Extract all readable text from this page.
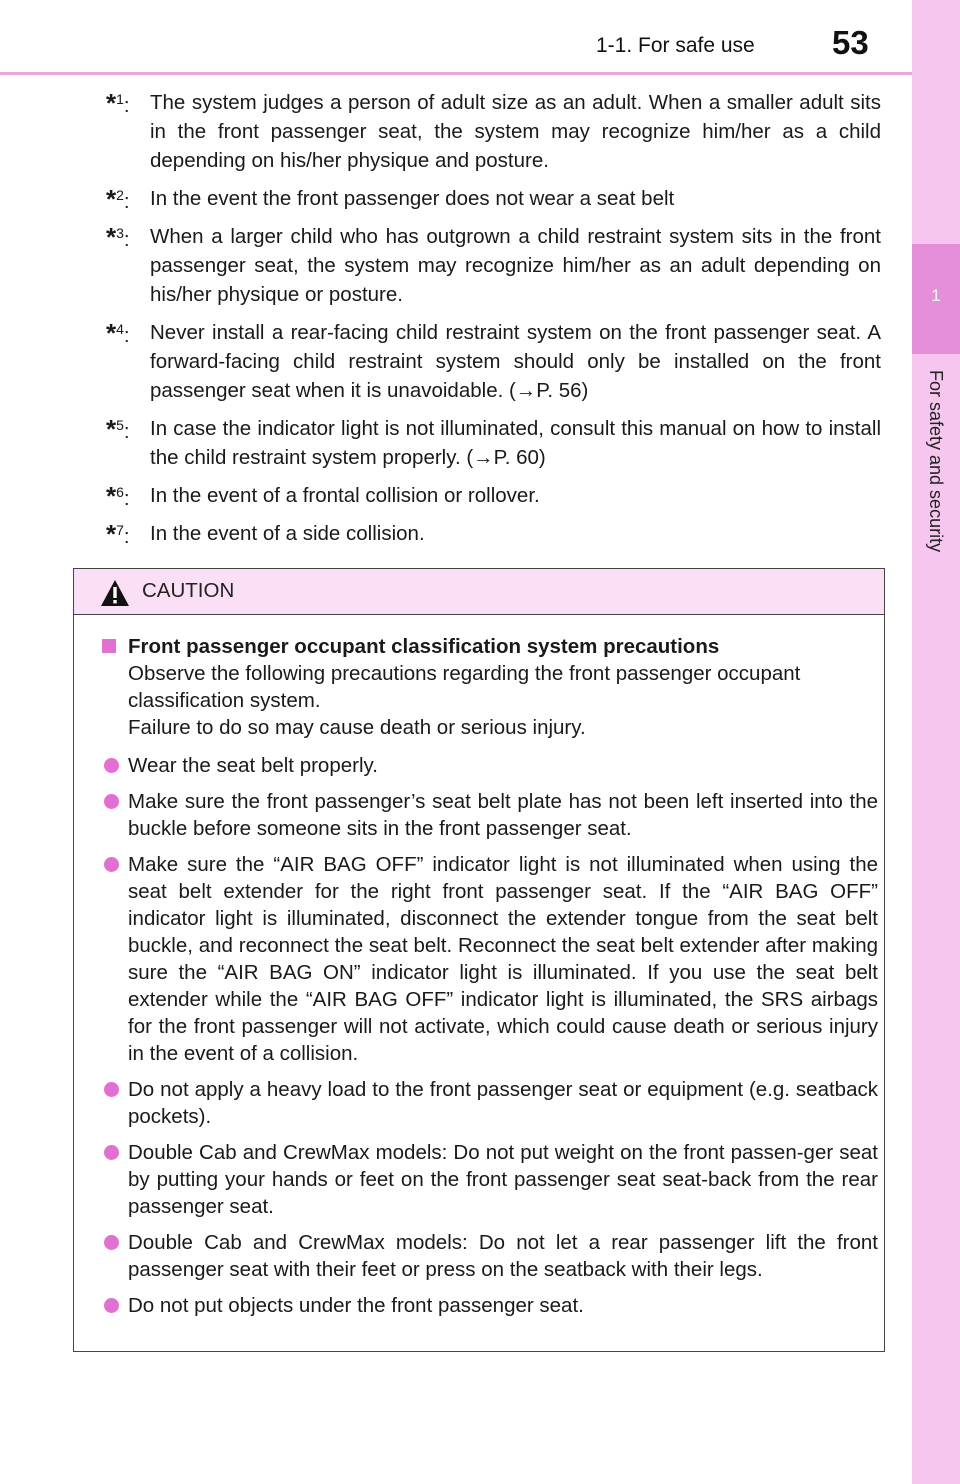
1-1. For safe use 53
1
For safety and security
*$^1$: The system judges a person of adult size as an adult. When a smaller adult sits in the front passenger seat, the system may recognize him/her as a child depending on his/her physique and posture.
*$^2$: In the event the front passenger does not wear a seat belt
*$^3$: When a larger child who has outgrown a child restraint system sits in the front passenger seat, the system may recognize him/her as an adult depending on his/her physique or posture.
*$^4$: Never install a rear-facing child restraint system on the front passenger seat. A forward-facing child restraint system should only be installed on the front passenger seat when it is unavoidable. (→P. 56)
*$^5$: In case the indicator light is not illuminated, consult this manual on how to install the child restraint system properly. (→P. 60)
*$^6$: In the event of a frontal collision or rollover.
*$^7$: In the event of a side collision.
CAUTION
Front passenger occupant classification system precautions
Observe the following precautions regarding the front passenger occupant classification system.
Failure to do so may cause death or serious injury.
Wear the seat belt properly.
Make sure the front passenger’s seat belt plate has not been left inserted into the buckle before someone sits in the front passenger seat.
Make sure the “AIR BAG OFF” indicator light is not illuminated when using the seat belt extender for the right front passenger seat. If the “AIR BAG OFF” indicator light is illuminated, disconnect the extender tongue from the seat belt buckle, and reconnect the seat belt. Reconnect the seat belt extender after making sure the “AIR BAG ON” indicator light is illuminated. If you use the seat belt extender while the “AIR BAG OFF” indicator light is illuminated, the SRS airbags for the front passenger will not activate, which could cause death or serious injury in the event of a collision.
Do not apply a heavy load to the front passenger seat or equipment (e.g. seatback pockets).
Double Cab and CrewMax models: Do not put weight on the front passen-ger seat by putting your hands or feet on the front passenger seat seat-back from the rear passenger seat.
Double Cab and CrewMax models: Do not let a rear passenger lift the front passenger seat with their feet or press on the seatback with their legs.
Do not put objects under the front passenger seat.
